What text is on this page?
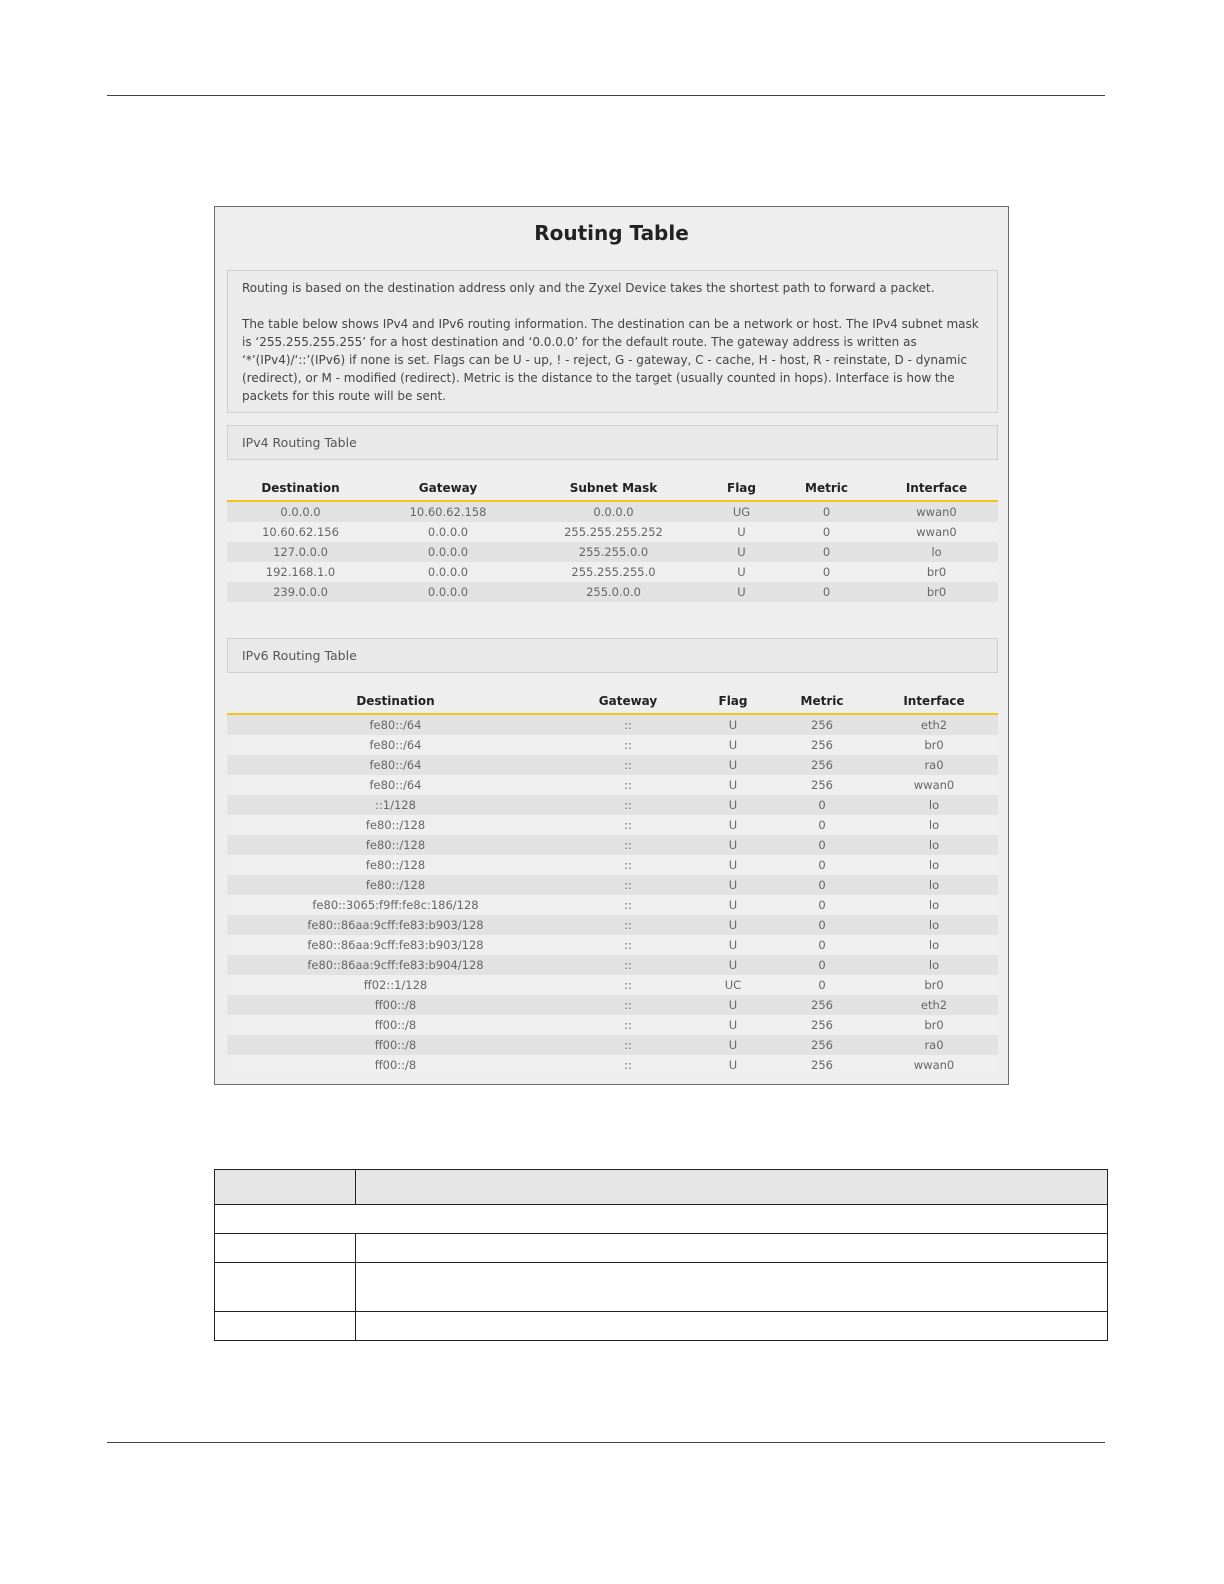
Routing Table

Routing is based on the destination address only and the Zyxel Device takes the shortest path to forward a packet.

The table below shows IPv4 and IPv6 routing information. The destination can be a network or host. The IPv4 subnet mask is ‘255.255.255.255’ for a host destination and ‘0.0.0.0’ for the default route. The gateway address is written as ‘*’(IPv4)/‘::’(IPv6) if none is set. Flags can be U - up, ! - reject, G - gateway, C - cache, H - host, R - reinstate, D - dynamic (redirect), or M - modified (redirect). Metric is the distance to the target (usually counted in hops). Interface is how the packets for this route will be sent.

IPv4 Routing Table
Destination	Gateway	Subnet Mask	Flag	Metric	Interface
0.0.0.0	10.60.62.158	0.0.0.0	UG	0	wwan0
10.60.62.156	0.0.0.0	255.255.255.252	U	0	wwan0
127.0.0.0	0.0.0.0	255.255.0.0	U	0	lo
192.168.1.0	0.0.0.0	255.255.255.0	U	0	br0
239.0.0.0	0.0.0.0	255.0.0.0	U	0	br0
IPv6 Routing Table
Destination	Gateway	Flag	Metric	Interface
fe80::/64	::	U	256	eth2
fe80::/64	::	U	256	br0
fe80::/64	::	U	256	ra0
fe80::/64	::	U	256	wwan0
::1/128	::	U	0	lo
fe80::/128	::	U	0	lo
fe80::/128	::	U	0	lo
fe80::/128	::	U	0	lo
fe80::/128	::	U	0	lo
fe80::3065:f9ff:fe8c:186/128	::	U	0	lo
fe80::86aa:9cff:fe83:b903/128	::	U	0	lo
fe80::86aa:9cff:fe83:b903/128	::	U	0	lo
fe80::86aa:9cff:fe83:b904/128	::	U	0	lo
ff02::1/128	::	UC	0	br0
ff00::/8	::	U	256	eth2
ff00::/8	::	U	256	br0
ff00::/8	::	U	256	ra0
ff00::/8	::	U	256	wwan0
